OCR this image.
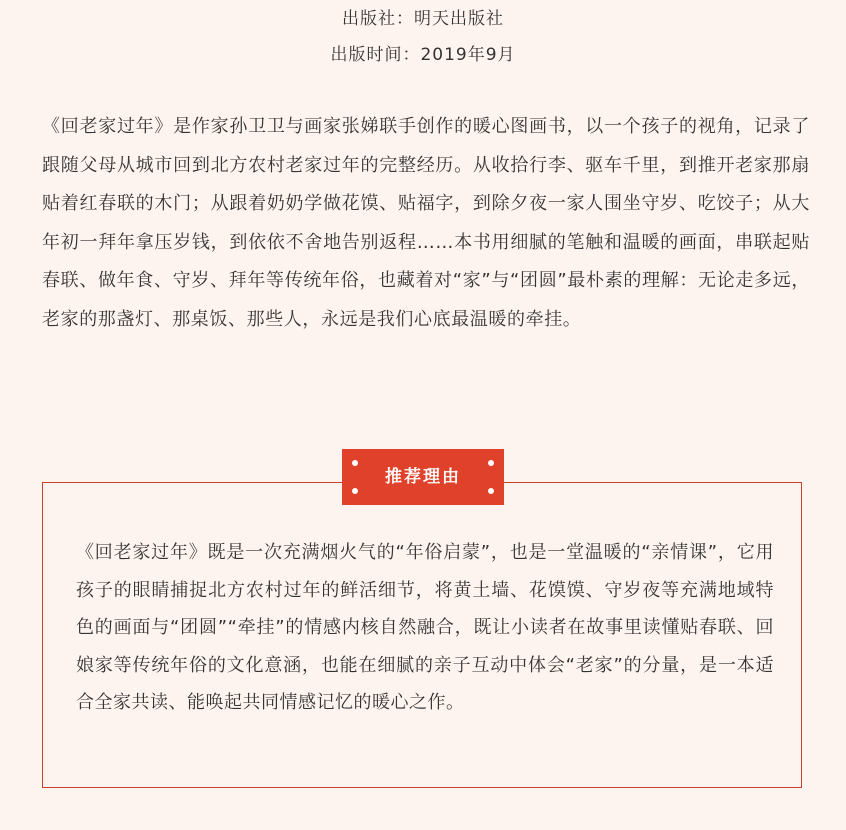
出版社：明天出版社
出版时间：2019年9月
《回老家过年》是作家孙卫卫与画家张娣联手创作的暖心图画书，以一个孩子的视角，记录了跟随父母从城市回到北方农村老家过年的完整经历。从收拾行李、驱车千里，到推开老家那扇贴着红春联的木门；从跟着奶奶学做花馍、贴福字，到除夕夜一家人围坐守岁、吃饺子；从大年初一拜年拿压岁钱，到依依不舍地告别返程……本书用细腻的笔触和温暖的画面，串联起贴春联、做年食、守岁、拜年等传统年俗，也藏着对“家”与“团圆”最朴素的理解：无论走多远，老家的那盏灯、那桌饭、那些人，永远是我们心底最温暖的牵挂。
推荐理由
《回老家过年》既是一次充满烟火气的“年俗启蒙”，也是一堂温暖的“亲情课”，它用孩子的眼睛捕捉北方农村过年的鲜活细节，将黄土墙、花馍馍、守岁夜等充满地域特色的画面与“团圆”“牵挂”的情感内核自然融合，既让小读者在故事里读懂贴春联、回娘家等传统年俗的文化意涵，也能在细腻的亲子互动中体会“老家”的分量，是一本适合全家共读、能唤起共同情感记忆的暖心之作。
